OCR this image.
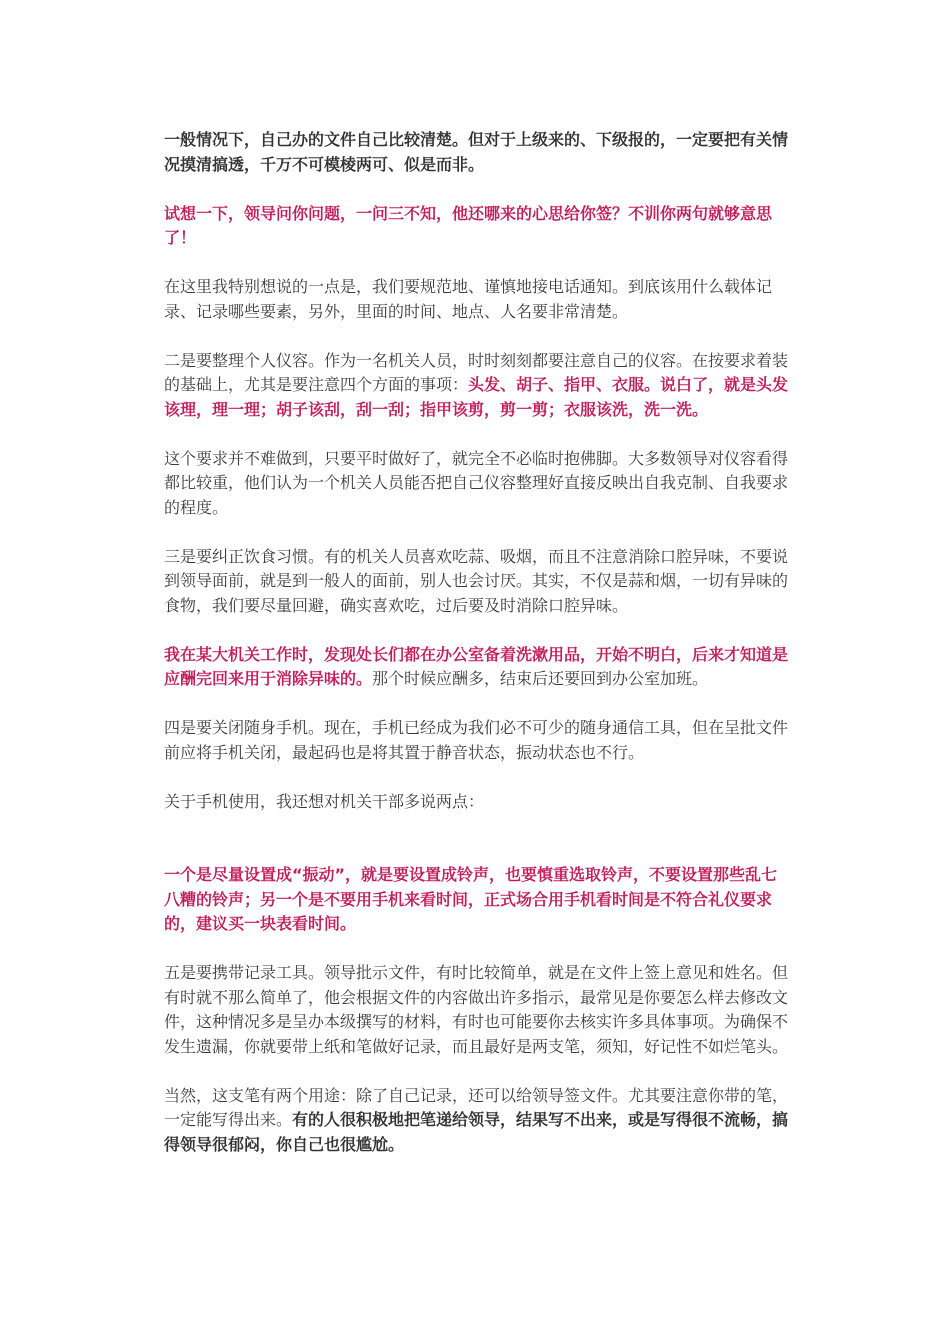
一般情况下，自己办的文件自己比较清楚。但对于上级来的、下级报的，一定要把有关情况摸清搞透，千万不可模棱两可、似是而非。

试想一下，领导问你问题，一问三不知，他还哪来的心思给你签？不训你两句就够意思了！

在这里我特别想说的一点是，我们要规范地、谨慎地接电话通知。到底该用什么载体记录、记录哪些要素，另外，里面的时间、地点、人名要非常清楚。

二是要整理个人仪容。作为一名机关人员，时时刻刻都要注意自己的仪容。在按要求着装的基础上，尤其是要注意四个方面的事项：头发、胡子、指甲、衣服。说白了，就是头发该理，理一理；胡子该刮，刮一刮；指甲该剪，剪一剪；衣服该洗，洗一洗。

这个要求并不难做到，只要平时做好了，就完全不必临时抱佛脚。大多数领导对仪容看得都比较重，他们认为一个机关人员能否把自己仪容整理好直接反映出自我克制、自我要求的程度。

三是要纠正饮食习惯。有的机关人员喜欢吃蒜、吸烟，而且不注意消除口腔异味，不要说到领导面前，就是到一般人的面前，别人也会讨厌。其实，不仅是蒜和烟，一切有异味的食物，我们要尽量回避，确实喜欢吃，过后要及时消除口腔异味。

我在某大机关工作时，发现处长们都在办公室备着洗漱用品，开始不明白，后来才知道是应酬完回来用于消除异味的。那个时候应酬多，结束后还要回到办公室加班。

四是要关闭随身手机。现在，手机已经成为我们必不可少的随身通信工具，但在呈批文件前应将手机关闭，最起码也是将其置于静音状态，振动状态也不行。

关于手机使用，我还想对机关干部多说两点：

一个是尽量设置成“振动”，就是要设置成铃声，也要慎重选取铃声，不要设置那些乱七八糟的铃声；另一个是不要用手机来看时间，正式场合用手机看时间是不符合礼仪要求的，建议买一块表看时间。

五是要携带记录工具。领导批示文件，有时比较简单，就是在文件上签上意见和姓名。但有时就不那么简单了，他会根据文件的内容做出许多指示，最常见是你要怎么样去修改文件，这种情况多是呈办本级撰写的材料，有时也可能要你去核实许多具体事项。为确保不发生遗漏，你就要带上纸和笔做好记录，而且最好是两支笔，须知，好记性不如烂笔头。

当然，这支笔有两个用途：除了自己记录，还可以给领导签文件。尤其要注意你带的笔，一定能写得出来。有的人很积极地把笔递给领导，结果写不出来，或是写得很不流畅，搞得领导很郁闷，你自己也很尴尬。
